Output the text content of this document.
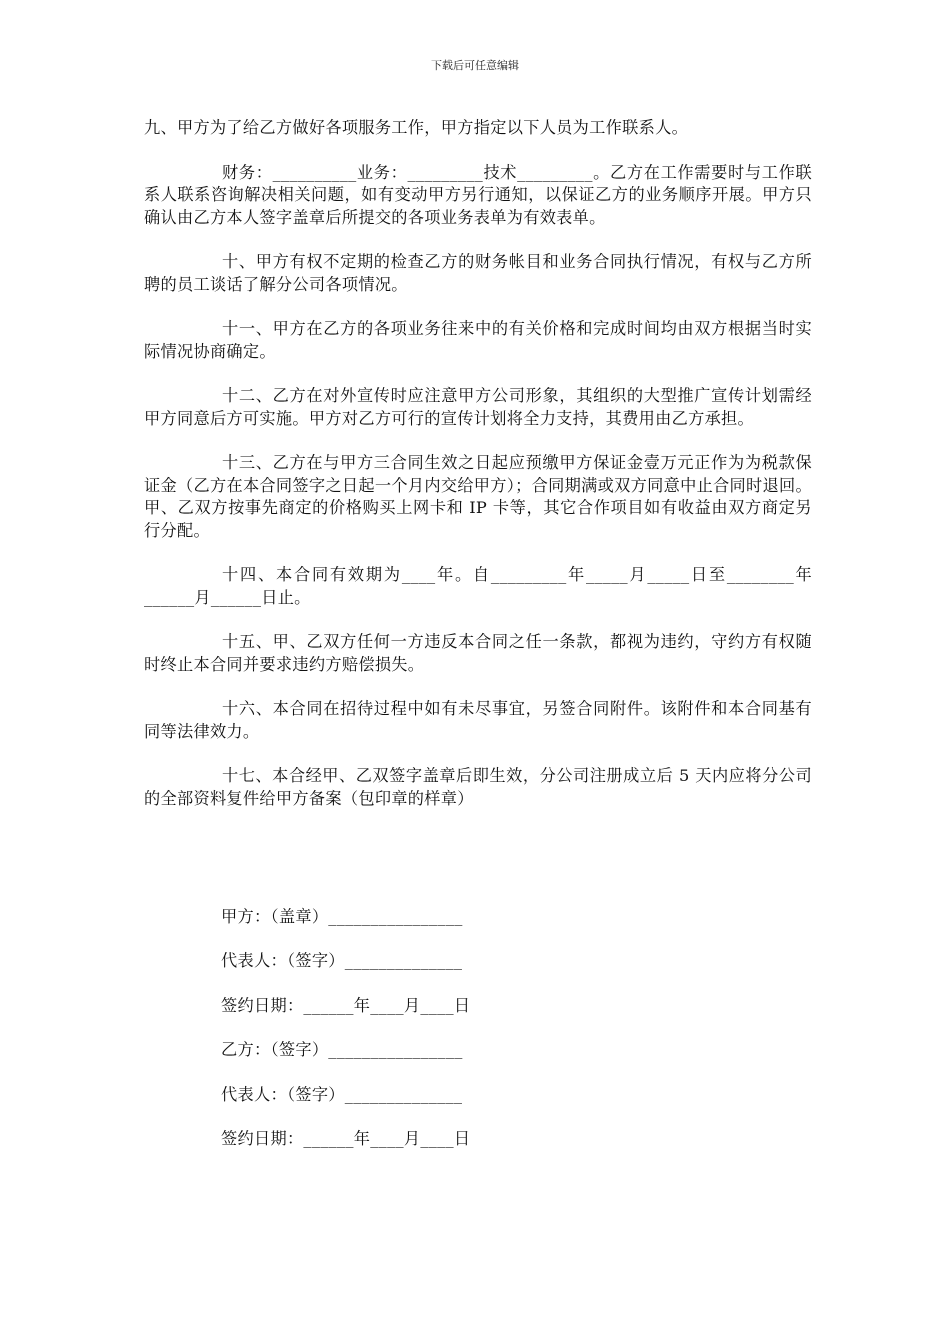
下载后可任意编辑

九、甲方为了给乙方做好各项服务工作，甲方指定以下人员为工作联系人。

财务：__________业务：_________技术_________。乙方在工作需要时与工作联系人联系咨询解决相关问题，如有变动甲方另行通知，以保证乙方的业务顺序开展。甲方只确认由乙方本人签字盖章后所提交的各项业务表单为有效表单。

十、甲方有权不定期的检查乙方的财务帐目和业务合同执行情况，有权与乙方所聘的员工谈话了解分公司各项情况。

十一、甲方在乙方的各项业务往来中的有关价格和完成时间均由双方根据当时实际情况协商确定。

十二、乙方在对外宣传时应注意甲方公司形象，其组织的大型推广宣传计划需经甲方同意后方可实施。甲方对乙方可行的宣传计划将全力支持，其费用由乙方承担。

十三、乙方在与甲方三合同生效之日起应预缴甲方保证金壹万元正作为为税款保证金（乙方在本合同签字之日起一个月内交给甲方）；合同期满或双方同意中止合同时退回。甲、乙双方按事先商定的价格购买上网卡和 IP 卡等，其它合作项目如有收益由双方商定另行分配。

十四、本合同有效期为____年。自_________年_____月_____日至________年______月______日止。

十五、甲、乙双方任何一方违反本合同之任一条款，都视为违约，守约方有权随时终止本合同并要求违约方赔偿损失。

十六、本合同在招待过程中如有未尽事宜，另签合同附件。该附件和本合同基有同等法律效力。

十七、本合经甲、乙双签字盖章后即生效，分公司注册成立后 5 天内应将分公司的全部资料复件给甲方备案（包印章的样章）

甲方：（盖章）________________
代表人：（签字）______________
签约日期：______年____月____日
乙方：（签字）________________
代表人：（签字）______________
签约日期：______年____月____日
